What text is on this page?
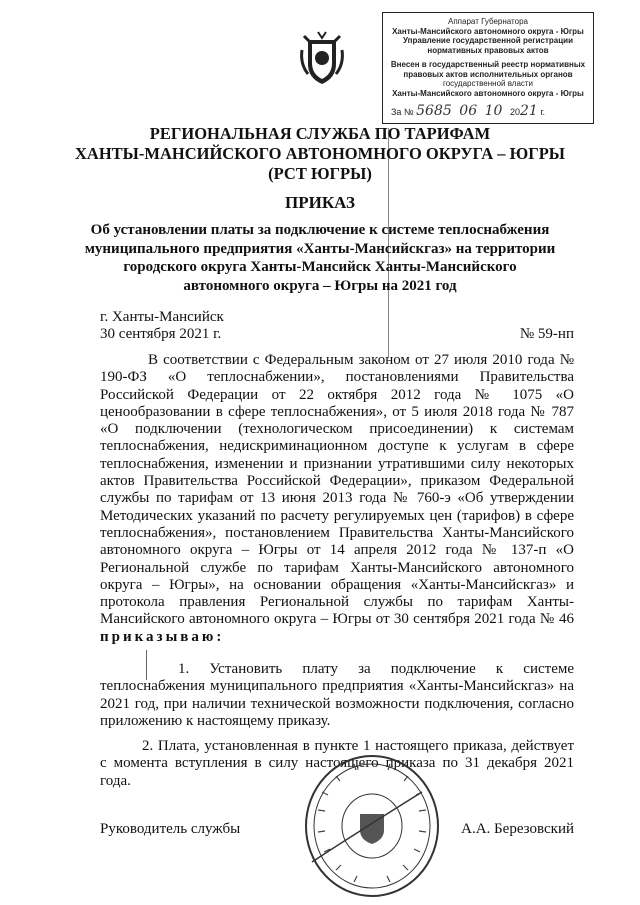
Аппарат Губернатора
Ханты-Мансийского автономного округа - Югры
Управление государственной регистрации
нормативных правовых актов
Внесен в государственный реестр нормативных
правовых актов исполнительных органов
государственной власти
Ханты-Мансийского автономного округа - Югры
За № 5685 06 10 2021 г.
РЕГИОНАЛЬНАЯ СЛУЖБА ПО ТАРИФАМ
ХАНТЫ-МАНСИЙСКОГО АВТОНОМНОГО ОКРУГА – ЮГРЫ
(РСТ ЮГРЫ)
ПРИКАЗ
Об установлении платы за подключение к системе теплоснабжения муниципального предприятия «Ханты-Мансийскгаз» на территории городского округа Ханты-Мансийск Ханты-Мансийского автономного округа – Югры на 2021 год
г. Ханты-Мансийск
30 сентября 2021 г.	№ 59-нп
В соответствии с Федеральным законом от 27 июля 2010 года № 190-ФЗ «О теплоснабжении», постановлениями Правительства Российской Федерации от 22 октября 2012 года № 1075 «О ценообразовании в сфере теплоснабжения», от 5 июля 2018 года № 787 «О подключении (технологическом присоединении) к системам теплоснабжения, недискриминационном доступе к услугам в сфере теплоснабжения, изменении и признании утратившими силу некоторых актов Правительства Российской Федерации», приказом Федеральной службы по тарифам от 13 июня 2013 года № 760-э «Об утверждении Методических указаний по расчету регулируемых цен (тарифов) в сфере теплоснабжения», постановлением Правительства Ханты-Мансийского автономного округа – Югры от 14 апреля 2012 года № 137-п «О Региональной службе по тарифам Ханты-Мансийского автономного округа – Югры», на основании обращения «Ханты-Мансийскгаз» и протокола правления Региональной службы по тарифам Ханты-Мансийского автономного округа – Югры от 30 сентября 2021 года № 46 приказываю:
1. Установить плату за подключение к системе теплоснабжения муниципального предприятия «Ханты-Мансийскгаз» на 2021 год, при наличии технической возможности подключения, согласно приложению к настоящему приказу.
2. Плата, установленная в пункте 1 настоящего приказа, действует с момента вступления в силу настоящего приказа по 31 декабря 2021 года.
Руководитель службы	А.А. Березовский
